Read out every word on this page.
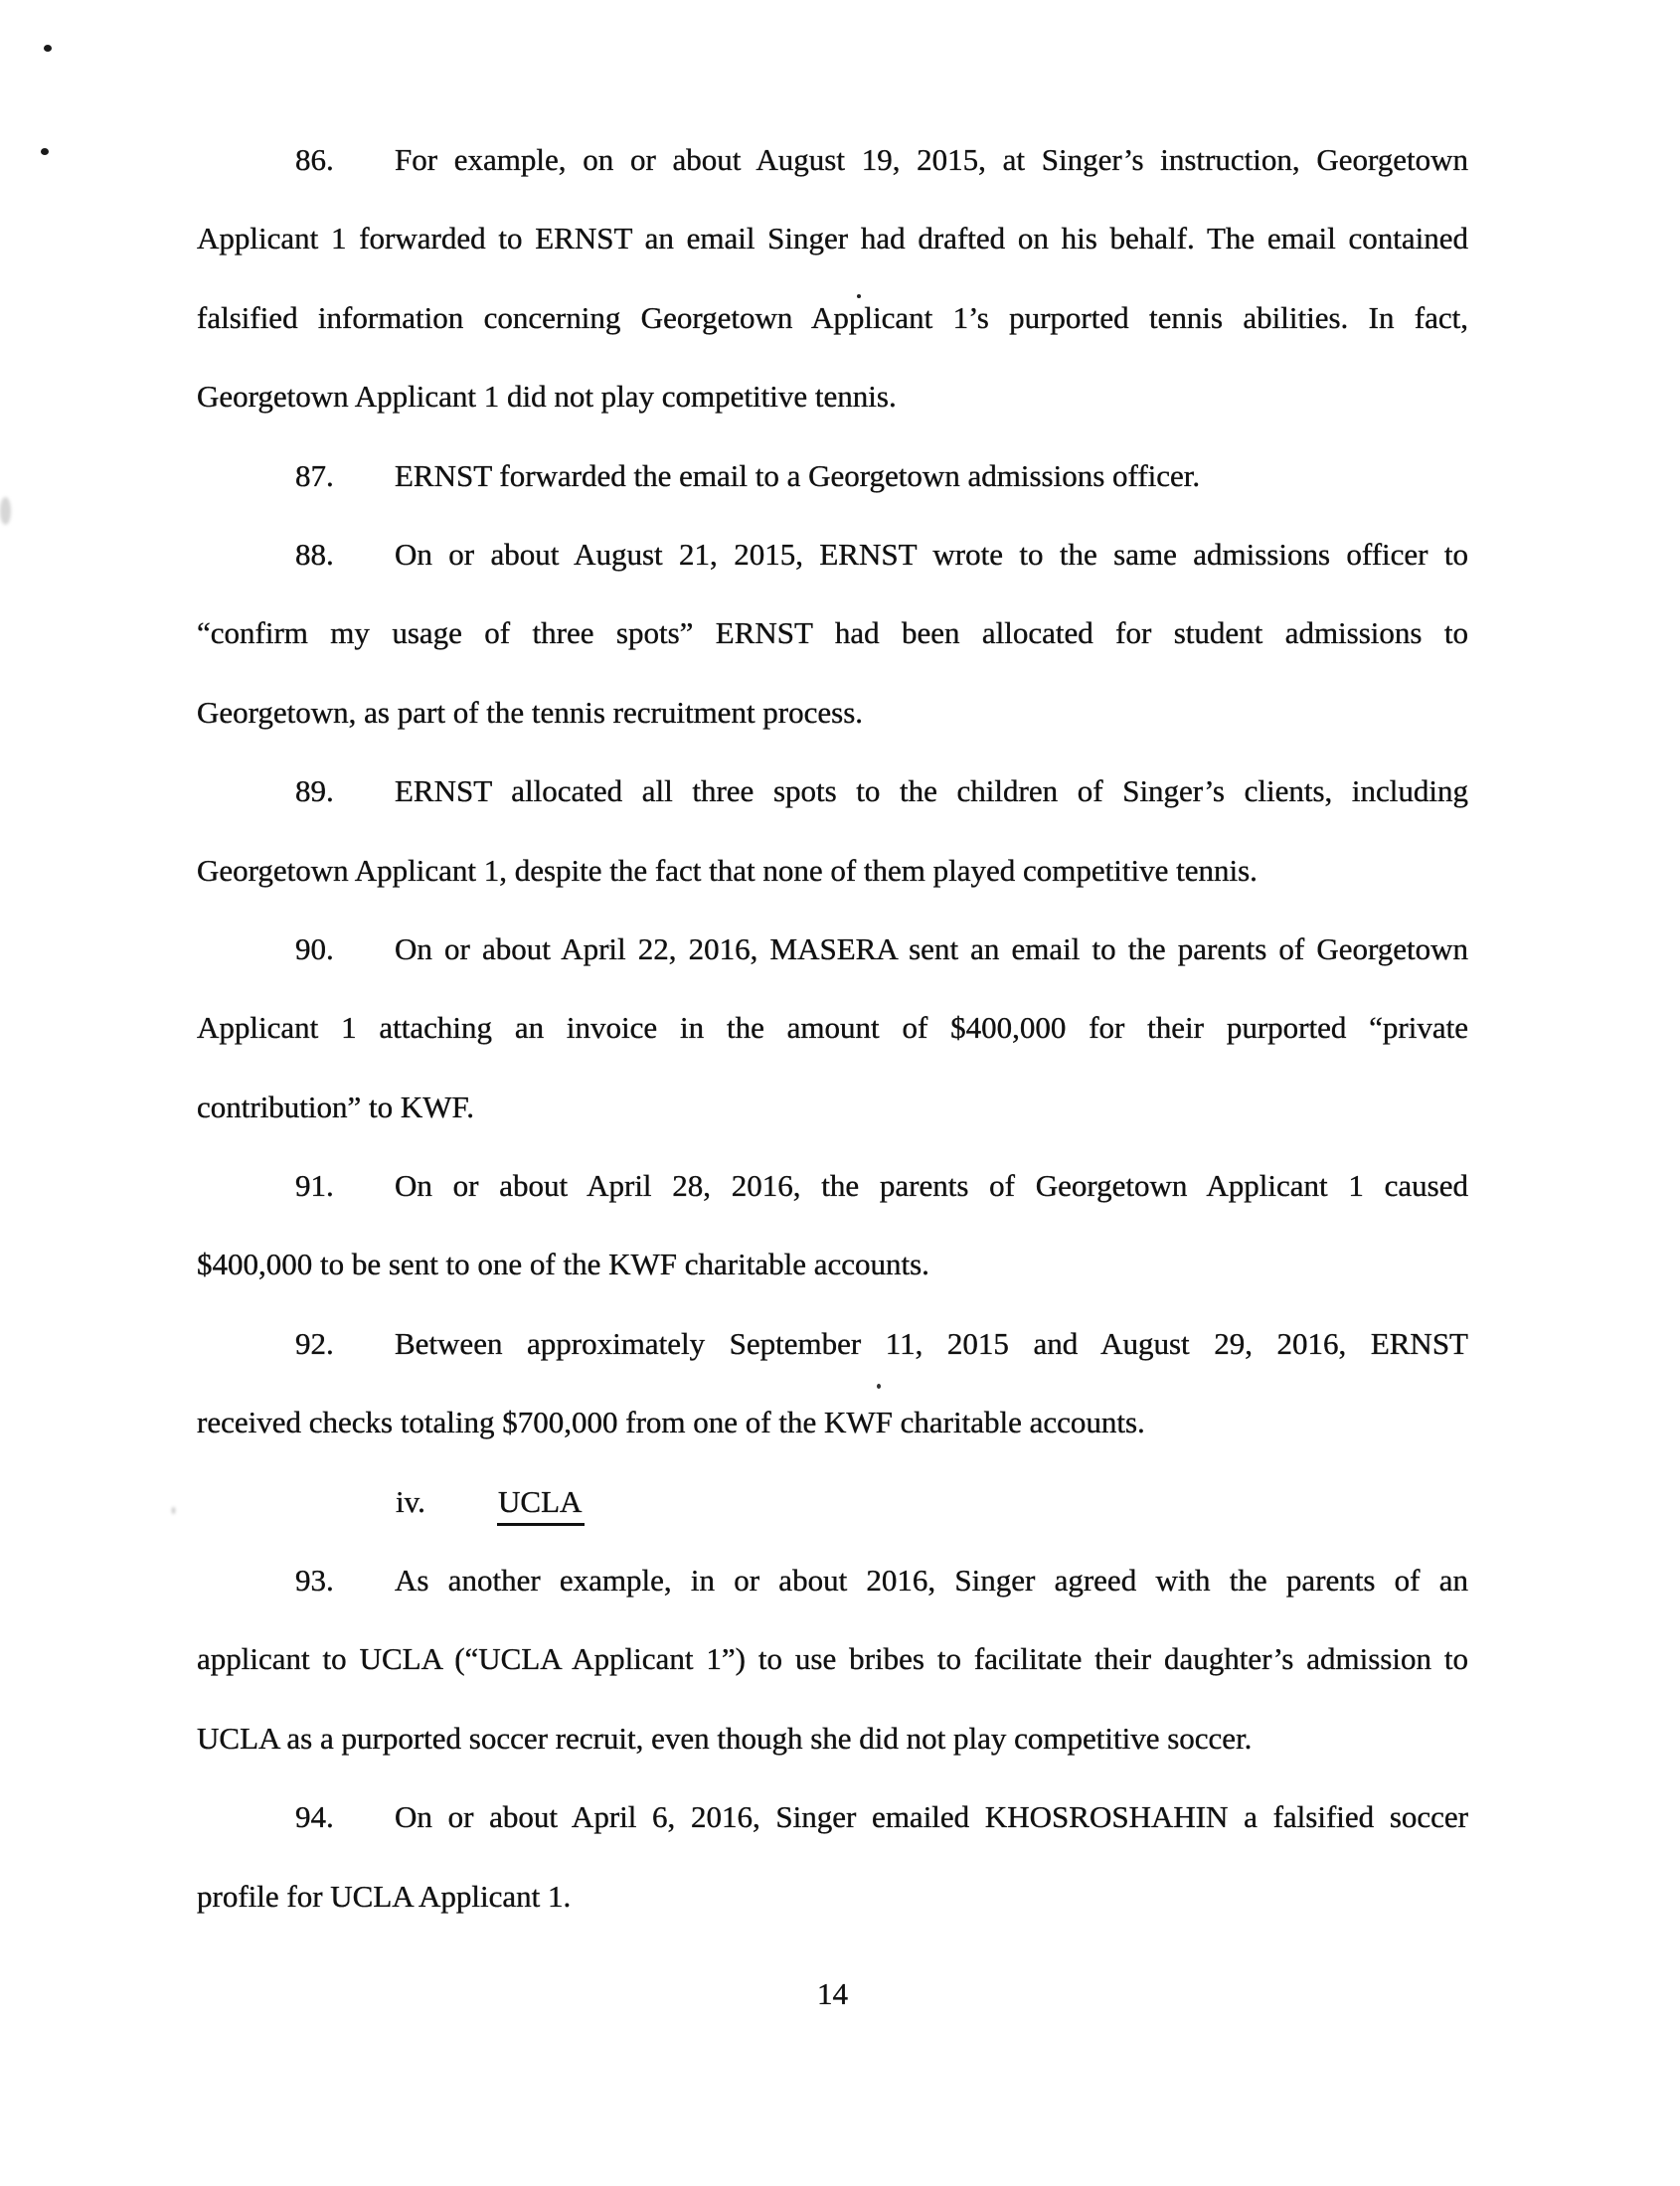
86. For example, on or about August 19, 2015, at Singer’s instruction, Georgetown
Applicant 1 forwarded to ERNST an email Singer had drafted on his behalf. The email contained
falsified information concerning Georgetown Applicant 1’s purported tennis abilities. In fact,
Georgetown Applicant 1 did not play competitive tennis.
87. ERNST forwarded the email to a Georgetown admissions officer.
88. On or about August 21, 2015, ERNST wrote to the same admissions officer to
“confirm my usage of three spots” ERNST had been allocated for student admissions to
Georgetown, as part of the tennis recruitment process.
89. ERNST allocated all three spots to the children of Singer’s clients, including
Georgetown Applicant 1, despite the fact that none of them played competitive tennis.
90. On or about April 22, 2016, MASERA sent an email to the parents of Georgetown
Applicant 1 attaching an invoice in the amount of $400,000 for their purported “private
contribution” to KWF.
91. On or about April 28, 2016, the parents of Georgetown Applicant 1 caused
$400,000 to be sent to one of the KWF charitable accounts.
92. Between approximately September 11, 2015 and August 29, 2016, ERNST
received checks totaling $700,000 from one of the KWF charitable accounts.
iv. UCLA
93. As another example, in or about 2016, Singer agreed with the parents of an
applicant to UCLA (“UCLA Applicant 1”) to use bribes to facilitate their daughter’s admission to
UCLA as a purported soccer recruit, even though she did not play competitive soccer.
94. On or about April 6, 2016, Singer emailed KHOSROSHAHIN a falsified soccer
profile for UCLA Applicant 1.
14
